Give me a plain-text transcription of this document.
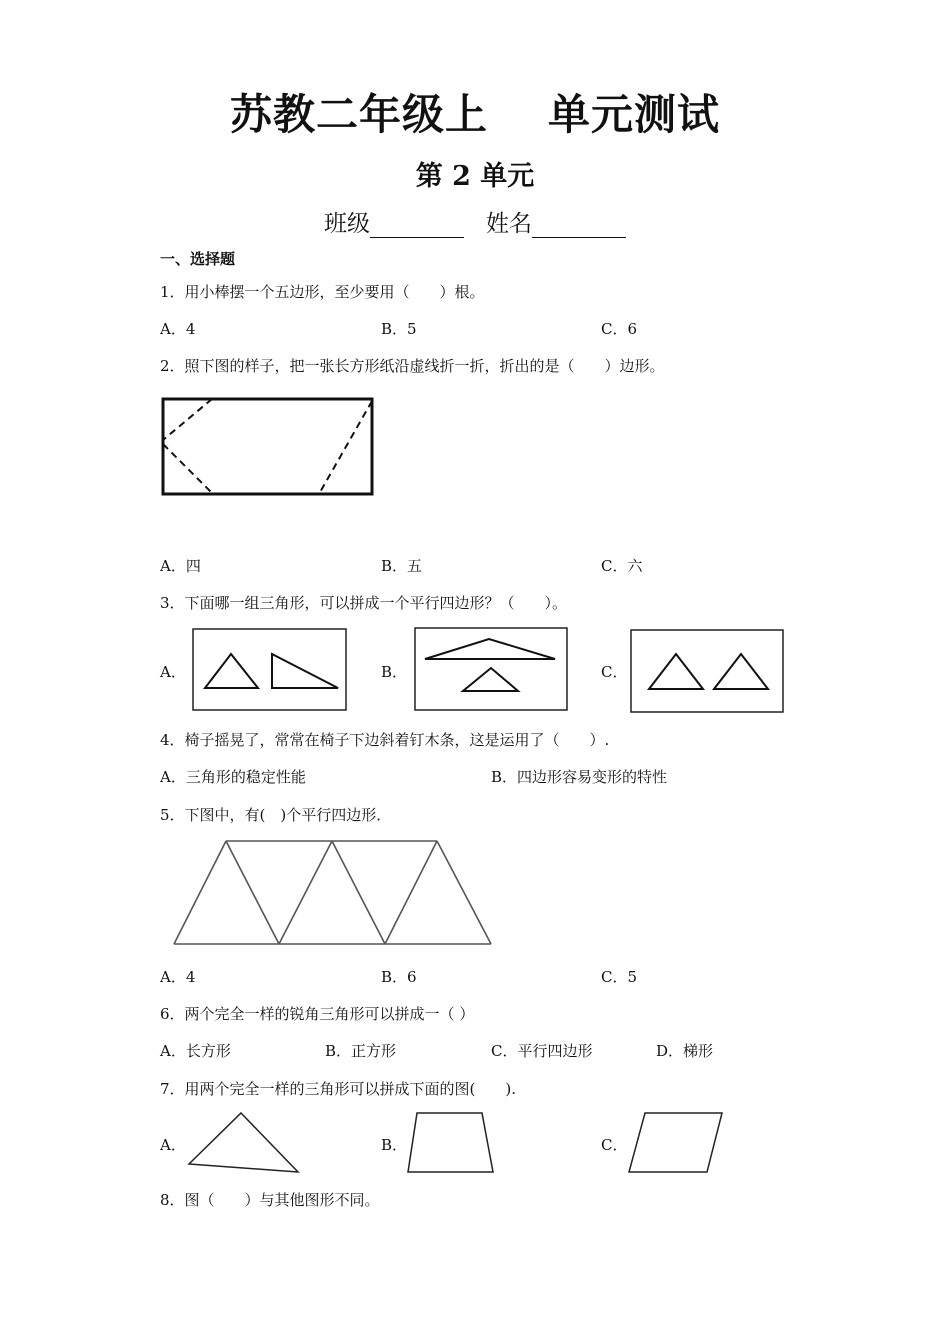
苏教二年级上 单元测试
第 2 单元
班级	姓名
一、选择题
1．用小棒摆一个五边形，至少要用（　　）根。
A．4	B．5	C．6
2．照下图的样子，把一张长方形纸沿虚线折一折，折出的是（　　）边形。
A．四	B．五	C．六
3．下面哪一组三角形，可以拼成一个平行四边形？（　　）。
A．	B．	C．
4．椅子摇晃了，常常在椅子下边斜着钉木条，这是运用了（　　）.
A．三角形的稳定性能	B．四边形容易变形的特性
5．下图中，有(　)个平行四边形．
A．4	B．6	C．5
6．两个完全一样的锐角三角形可以拼成一（ ）
A．长方形	B．正方形	C．平行四边形	D．梯形
7．用两个完全一样的三角形可以拼成下面的图(　　).
A．	B．	C．
8．图（　　）与其他图形不同。
